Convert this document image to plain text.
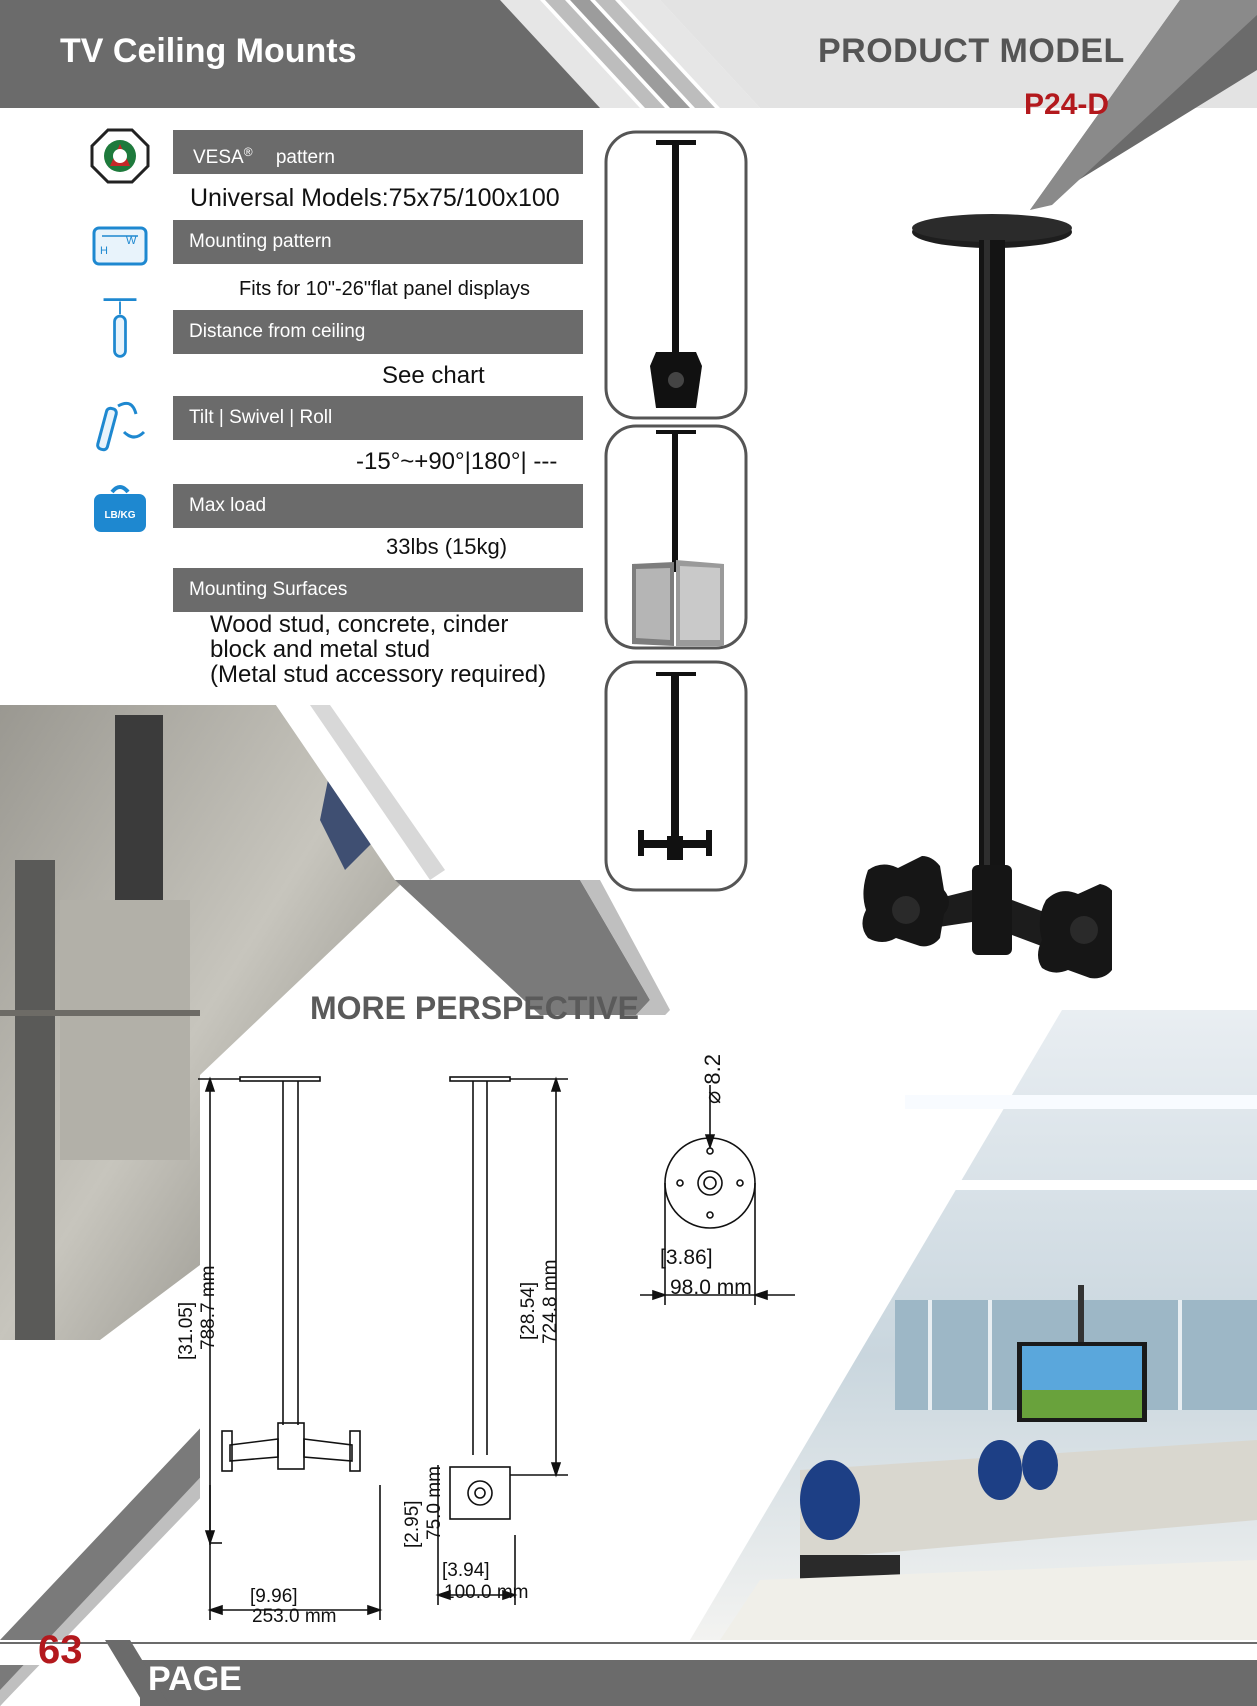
TV Ceiling Mounts	PRODUCT MODEL
P24-D
H
W
LB/KG
VESA® pattern
Universal Models:75x75/100x100
Mounting pattern
Fits for 10"-26"flat panel displays
Distance from ceiling
See chart
Tilt | Swivel | Roll
-15°~+90°|180°| ---
Max load
33lbs (15kg)
Mounting Surfaces
Wood stud, concrete, cinder
block and metal stud
(Metal stud accessory required)
MORE PERSPECTIVE
[31.05] 788.7 mm
[9.96]
253.0 mm
[2.95] 75.0 mm
[3.94]
100.0 mm
[28.54] 724.8 mm
⌀ 8.2
[3.86]
98.0 mm
63
PAGE
